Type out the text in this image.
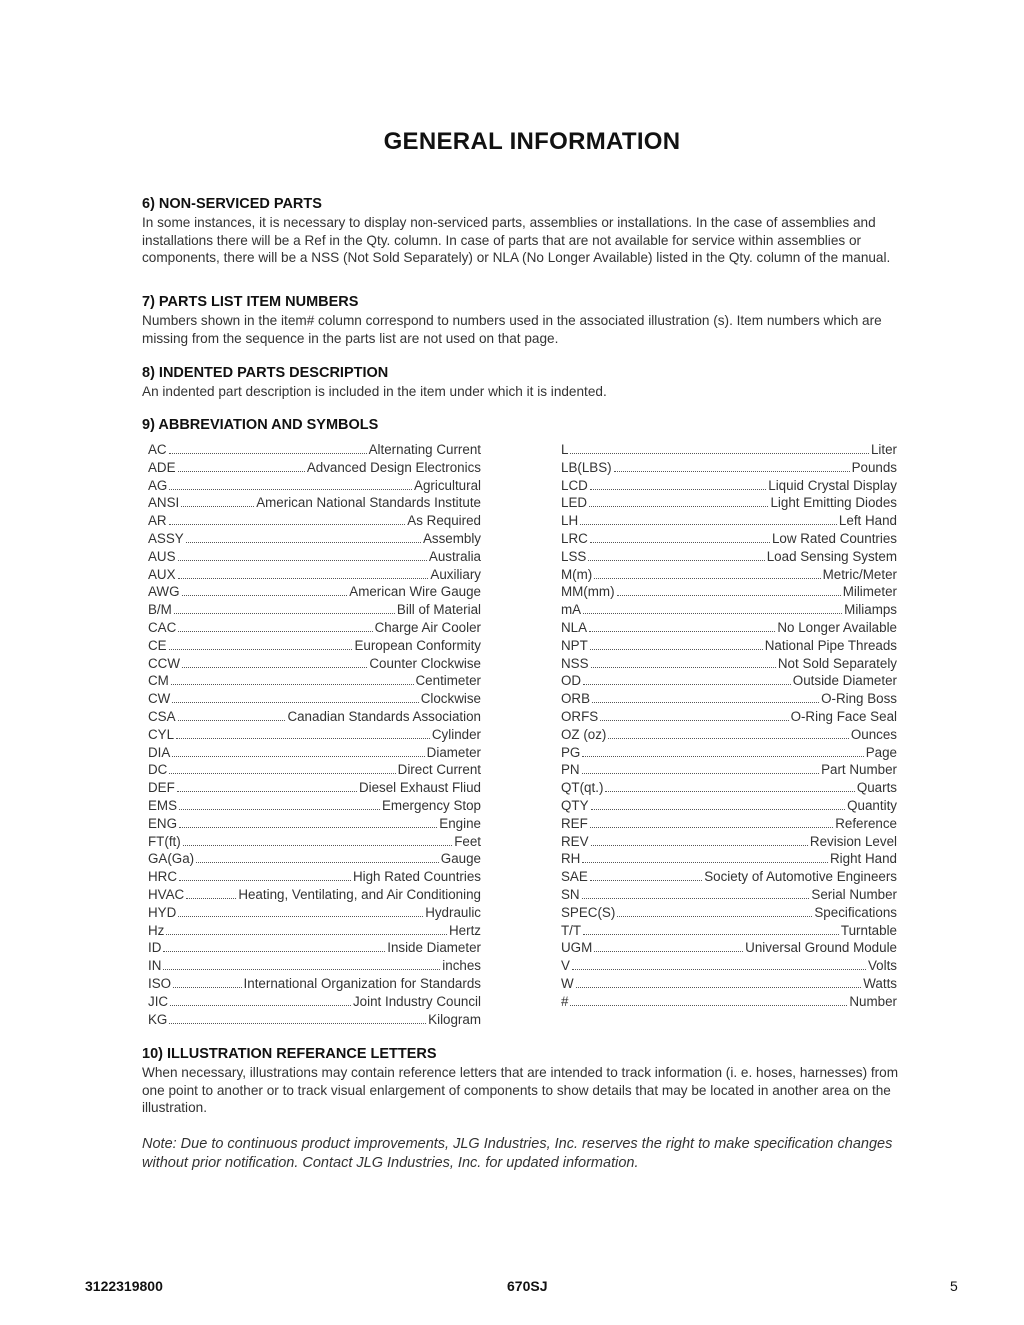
GENERAL INFORMATION
6) NON-SERVICED PARTS
In some instances, it is necessary to display non-serviced parts, assemblies or installations. In the case of assemblies and installations there will be a Ref in the Qty. column. In case of parts that are not available for service within assemblies or components, there will be a NSS (Not Sold Separately) or NLA (No Longer Available) listed in the Qty. column of the manual.
7) PARTS LIST ITEM NUMBERS
Numbers shown in the item# column correspond to numbers used in the associated illustration (s). Item numbers which are missing from the sequence in the parts list are not used on that page.
8) INDENTED PARTS DESCRIPTION
An indented part description is included in the item under which it is indented.
9) ABBREVIATION AND SYMBOLS
AC	Alternating Current
ADE	Advanced Design Electronics
AG	Agricultural
ANSI	American National Standards Institute
AR	As Required
ASSY	Assembly
AUS	Australia
AUX	Auxiliary
AWG	American Wire Gauge
B/M	Bill of Material
CAC	Charge Air Cooler
CE	European Conformity
CCW	Counter Clockwise
CM	Centimeter
CW	Clockwise
CSA	Canadian Standards Association
CYL	Cylinder
DIA	Diameter
DC	Direct Current
DEF	Diesel Exhaust Fliud
EMS	Emergency Stop
ENG	Engine
FT(ft)	Feet
GA(Ga)	Gauge
HRC	High Rated Countries
HVAC	Heating, Ventilating, and Air Conditioning
HYD	Hydraulic
Hz	Hertz
ID	Inside Diameter
IN	inches
ISO	International Organization for Standards
JIC	Joint Industry Council
KG	Kilogram
L	Liter
LB(LBS)	Pounds
LCD	Liquid Crystal Display
LED	Light Emitting Diodes
LH	Left Hand
LRC	Low Rated Countries
LSS	Load Sensing System
M(m)	Metric/Meter
MM(mm)	Milimeter
mA	Miliamps
NLA	No Longer Available
NPT	National Pipe Threads
NSS	Not Sold Separately
OD	Outside Diameter
ORB	O-Ring Boss
ORFS	O-Ring Face Seal
OZ (oz)	Ounces
PG	Page
PN	Part Number
QT(qt.)	Quarts
QTY	Quantity
REF	Reference
REV	Revision Level
RH	Right Hand
SAE	Society of Automotive Engineers
SN	Serial Number
SPEC(S)	Specifications
T/T	Turntable
UGM	Universal Ground Module
V	Volts
W	Watts
#	Number
10) ILLUSTRATION REFERANCE LETTERS
When necessary, illustrations may contain reference letters that are intended to track information (i. e. hoses, harnesses) from one point to another or to track visual enlargement of components to show details that may be located in another area on the illustration.
Note: Due to continuous product improvements, JLG Industries, Inc. reserves the right to make specification changes without prior notification. Contact JLG Industries, Inc. for updated information.
3122319800	670SJ	5
